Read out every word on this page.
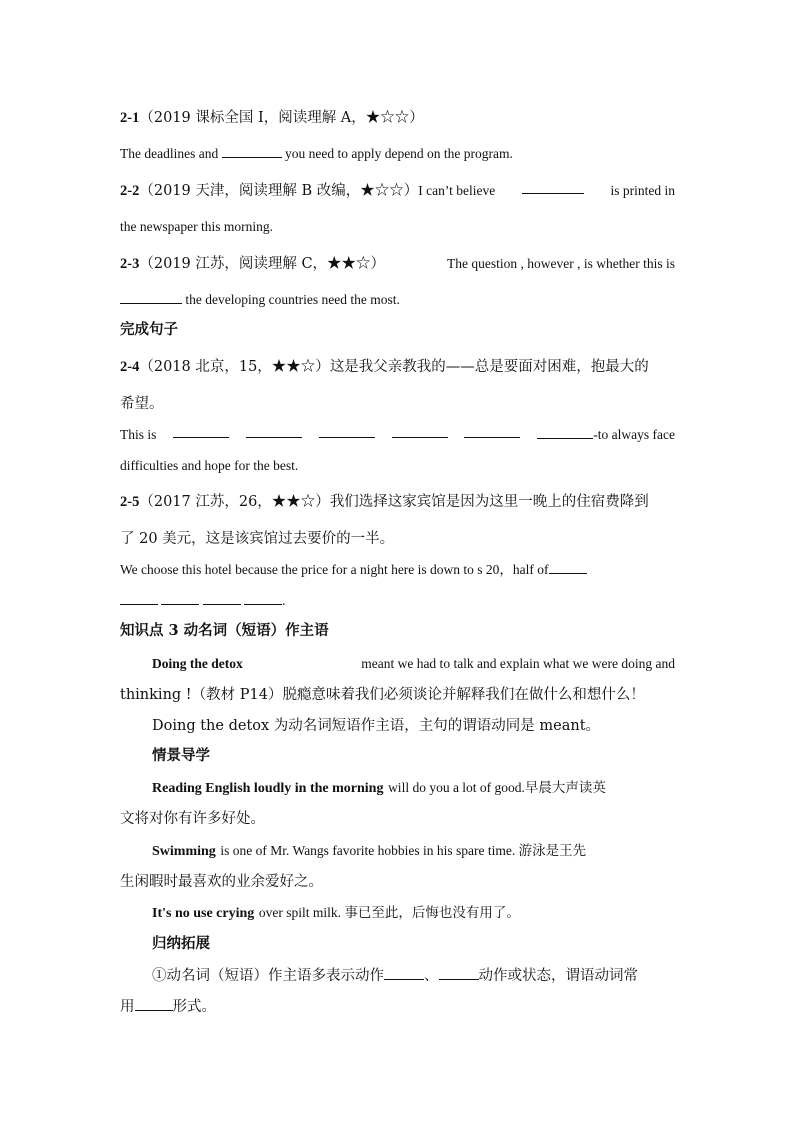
2-1（2019 课标全国 I，阅读理解 A，★☆☆）
The deadlines and	you need to apply depend on the program.
2-2（2019 天津，阅读理解 B 改编，★☆☆）I can’t believe	is printed in
the newspaper this morning.
2-3（2019 江苏，阅读理解 C，★★☆）	The question , however , is whether this is
the developing countries need the most.
完成句子
2-4（2018 北京，15，★★☆）这是我父亲教我的——总是要面对困难，抱最大的
希望。
This is	-to always face
difficulties and hope for the best.
2-5（2017 江苏，26，★★☆）我们选择这家宾馆是因为这里一晚上的住宿费降到
了 20 美元，这是该宾馆过去要价的一半。
We choose this hotel because the price for a night here is down to s 20，half of
.
知识点 3 动名词（短语）作主语
Doing the detox	meant we had to talk and explain what we were doing and
thinking !（教材 P14）脱瘾意味着我们必须谈论并解释我们在做什么和想什么！
Doing the detox 为动名词短语作主语，主句的谓语动同是 meant。
情景导学
Reading English loudly in the morning will do you a lot of good.早晨大声读英
文将对你有许多好处。
Swimming is one of Mr. Wangs favorite hobbies in his spare time. 游泳是王先
生闲暇时最喜欢的业余爱好之。
It's no use crying over spilt milk. 事已至此，后悔也没有用了。
归纳拓展
①动名词（短语）作主语多表示动作	、	动作或状态，谓语动词常
用	形式。
